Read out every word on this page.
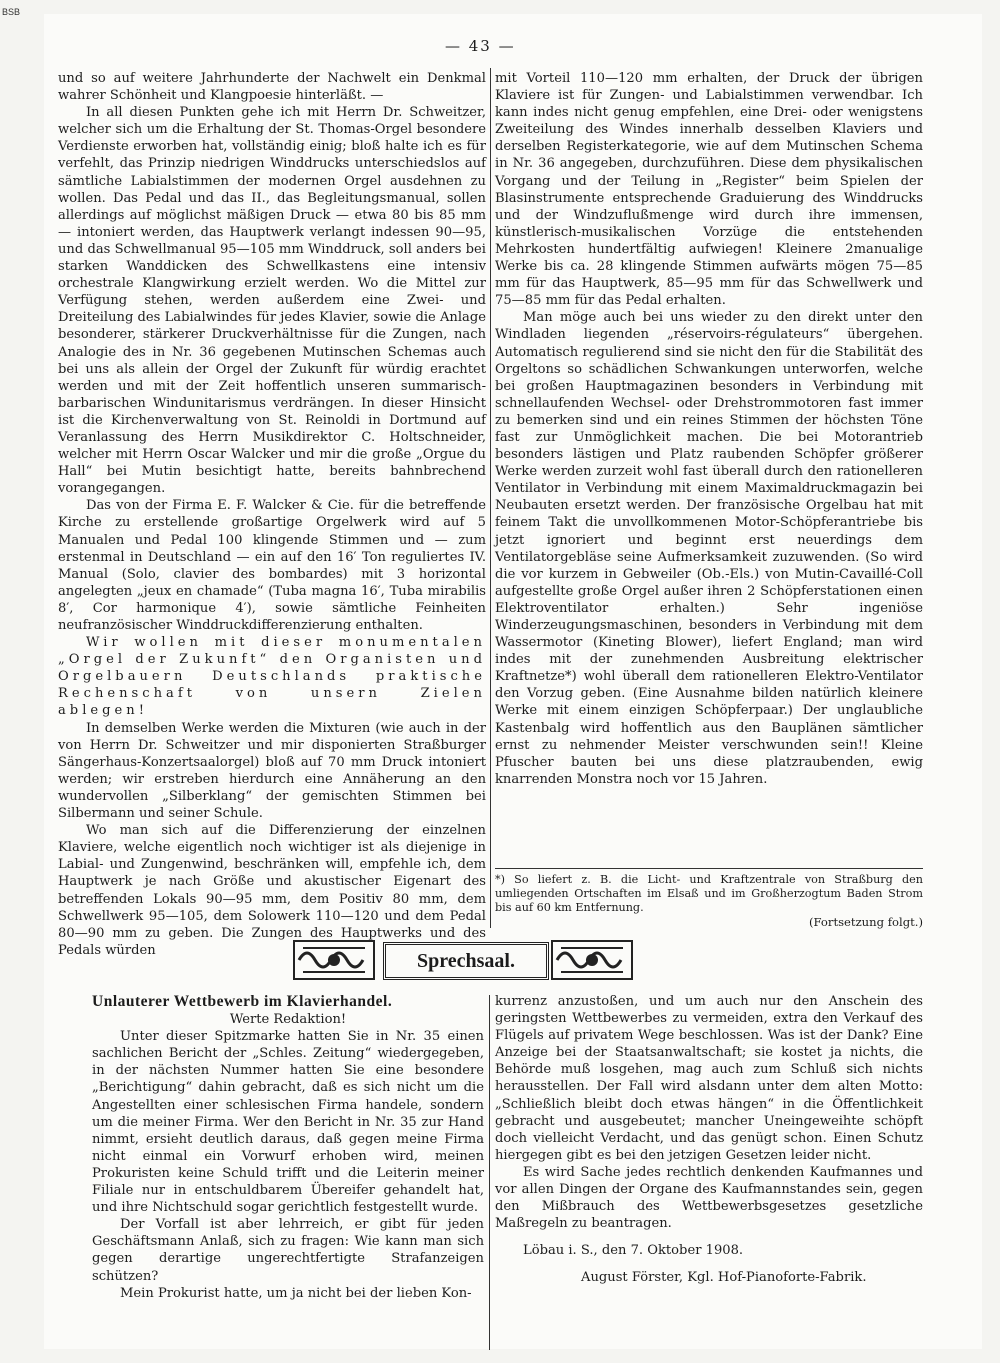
BSB
— 43 —

und so auf weitere Jahrhunderte der Nachwelt ein Denkmal wahrer Schönheit und Klangpoesie hinterläßt. —

In all diesen Punkten gehe ich mit Herrn Dr. Schweitzer, welcher sich um die Erhaltung der St. Thomas-Orgel besondere Verdienste erworben hat, vollständig einig; bloß halte ich es für verfehlt, das Prinzip niedrigen Winddrucks unterschiedslos auf sämtliche Labialstimmen der modernen Orgel ausdehnen zu wollen. Das Pedal und das II., das Begleitungsmanual, sollen allerdings auf möglichst mäßigen Druck — etwa 80 bis 85 mm — intoniert werden, das Hauptwerk verlangt indessen 90—95, und das Schwellmanual 95—105 mm Winddruck, soll anders bei starken Wanddicken des Schwellkastens eine intensiv orchestrale Klangwirkung erzielt werden. Wo die Mittel zur Verfügung stehen, werden außerdem eine Zwei- und Dreiteilung des Labialwindes für jedes Klavier, sowie die Anlage besonderer, stärkerer Druckverhältnisse für die Zungen, nach Analogie des in Nr. 36 gegebenen Mutinschen Schemas auch bei uns als allein der Orgel der Zukunft für würdig erachtet werden und mit der Zeit hoffentlich unseren summarisch-barbarischen Windunitarismus verdrängen. In dieser Hinsicht ist die Kirchenverwaltung von St. Reinoldi in Dortmund auf Veranlassung des Herrn Musikdirektor C. Holtschneider, welcher mit Herrn Oscar Walcker und mir die große „Orgue du Hall“ bei Mutin besichtigt hatte, bereits bahnbrechend vorangegangen.

Das von der Firma E. F. Walcker & Cie. für die betreffende Kirche zu erstellende großartige Orgelwerk wird auf 5 Manualen und Pedal 100 klingende Stimmen und — zum erstenmal in Deutschland — ein auf den 16′ Ton reguliertes IV. Manual (Solo, clavier des bombardes) mit 3 horizontal angelegten „jeux en chamade“ (Tuba magna 16′, Tuba mirabilis 8′, Cor harmonique 4′), sowie sämtliche Feinheiten neufranzösischer Winddruckdifferenzierung enthalten.

Wir wollen mit dieser monumentalen „Orgel der Zukunft“ den Organisten und Orgelbauern Deutschlands praktische Rechenschaft von unsern Zielen ablegen!

In demselben Werke werden die Mixturen (wie auch in der von Herrn Dr. Schweitzer und mir disponierten Straßburger Sängerhaus-Konzertsaalorgel) bloß auf 70 mm Druck intoniert werden; wir erstreben hierdurch eine Annäherung an den wundervollen „Silberklang“ der gemischten Stimmen bei Silbermann und seiner Schule.

Wo man sich auf die Differenzierung der einzelnen Klaviere, welche eigentlich noch wichtiger ist als diejenige in Labial- und Zungenwind, beschränken will, empfehle ich, dem Hauptwerk je nach Größe und akustischer Eigenart des betreffenden Lokals 90—95 mm, dem Positiv 80 mm, dem Schwellwerk 95—105, dem Solowerk 110—120 und dem Pedal 80—90 mm zu geben. Die Zungen des Hauptwerks und des Pedals würden

mit Vorteil 110—120 mm erhalten, der Druck der übrigen Klaviere ist für Zungen- und Labialstimmen verwendbar. Ich kann indes nicht genug empfehlen, eine Drei- oder wenigstens Zweiteilung des Windes innerhalb desselben Klaviers und derselben Registerkategorie, wie auf dem Mutinschen Schema in Nr. 36 angegeben, durchzuführen. Diese dem physikalischen Vorgang und der Teilung in „Register“ beim Spielen der Blasinstrumente entsprechende Graduierung des Winddrucks und der Windzuflußmenge wird durch ihre immensen, künstlerisch-musikalischen Vorzüge die entstehenden Mehrkosten hundertfältig aufwiegen! Kleinere 2manualige Werke bis ca. 28 klingende Stimmen aufwärts mögen 75—85 mm für das Hauptwerk, 85—95 mm für das Schwellwerk und 75—85 mm für das Pedal erhalten.

Man möge auch bei uns wieder zu den direkt unter den Windladen liegenden „réservoirs-régulateurs“ übergehen. Automatisch regulierend sind sie nicht den für die Stabilität des Orgeltons so schädlichen Schwankungen unterworfen, welche bei großen Hauptmagazinen besonders in Verbindung mit schnellaufenden Wechsel- oder Drehstrommotoren fast immer zu bemerken sind und ein reines Stimmen der höchsten Töne fast zur Unmöglichkeit machen. Die bei Motorantrieb besonders lästigen und Platz raubenden Schöpfer größerer Werke werden zurzeit wohl fast überall durch den rationelleren Ventilator in Verbindung mit einem Maximaldruckmagazin bei Neubauten ersetzt werden. Der französische Orgelbau hat mit feinem Takt die unvollkommenen Motor-Schöpferantriebe bis jetzt ignoriert und beginnt erst neuerdings dem Ventilatorgebläse seine Aufmerksamkeit zuzuwenden. (So wird die vor kurzem in Gebweiler (Ob.-Els.) von Mutin-Cavaillé-Coll aufgestellte große Orgel außer ihren 2 Schöpferstationen einen Elektroventilator erhalten.) Sehr ingeniöse Winderzeugungsmaschinen, besonders in Verbindung mit dem Wassermotor (Kineting Blower), liefert England; man wird indes mit der zunehmenden Ausbreitung elektrischer Kraftnetze*) wohl überall dem rationelleren Elektro-Ventilator den Vorzug geben. (Eine Ausnahme bilden natürlich kleinere Werke mit einem einzigen Schöpferpaar.) Der unglaubliche Kastenbalg wird hoffentlich aus den Bauplänen sämtlicher ernst zu nehmender Meister verschwunden sein!! Kleine Pfuscher bauten bei uns diese platzraubenden, ewig knarrenden Monstra noch vor 15 Jahren.

*) So liefert z. B. die Licht- und Kraftzentrale von Straßburg den umliegenden Ortschaften im Elsaß und im Großherzogtum Baden Strom bis auf 60 km Entfernung.
(Fortsetzung folgt.)
Sprechsaal.

Unlauterer Wettbewerb im Klavierhandel.

Werte Redaktion!

Unter dieser Spitzmarke hatten Sie in Nr. 35 einen sachlichen Bericht der „Schles. Zeitung“ wiedergegeben, in der nächsten Nummer hatten Sie eine besondere „Berichtigung“ dahin gebracht, daß es sich nicht um die Angestellten einer schlesischen Firma handele, sondern um die meiner Firma. Wer den Bericht in Nr. 35 zur Hand nimmt, ersieht deutlich daraus, daß gegen meine Firma nicht einmal ein Vorwurf erhoben wird, meinen Prokuristen keine Schuld trifft und die Leiterin meiner Filiale nur in entschuldbarem Übereifer gehandelt hat, und ihre Nichtschuld sogar gerichtlich festgestellt wurde.

Der Vorfall ist aber lehrreich, er gibt für jeden Geschäftsmann Anlaß, sich zu fragen: Wie kann man sich gegen derartige ungerechtfertigte Strafanzeigen schützen?

Mein Prokurist hatte, um ja nicht bei der lieben Kon-

kurrenz anzustoßen, und um auch nur den Anschein des geringsten Wettbewerbes zu vermeiden, extra den Verkauf des Flügels auf privatem Wege beschlossen. Was ist der Dank? Eine Anzeige bei der Staatsanwaltschaft; sie kostet ja nichts, die Behörde muß losgehen, mag auch zum Schluß sich nichts herausstellen. Der Fall wird alsdann unter dem alten Motto: „Schließlich bleibt doch etwas hängen“ in die Öffentlichkeit gebracht und ausgebeutet; mancher Uneingeweihte schöpft doch vielleicht Verdacht, und das genügt schon. Einen Schutz hiergegen gibt es bei den jetzigen Gesetzen leider nicht.

Es wird Sache jedes rechtlich denkenden Kaufmannes und vor allen Dingen der Organe des Kaufmannstandes sein, gegen den Mißbrauch des Wettbewerbsgesetzes gesetzliche Maßregeln zu beantragen.

Löbau i. S., den 7. Oktober 1908.

August Förster, Kgl. Hof-Pianoforte-Fabrik.
